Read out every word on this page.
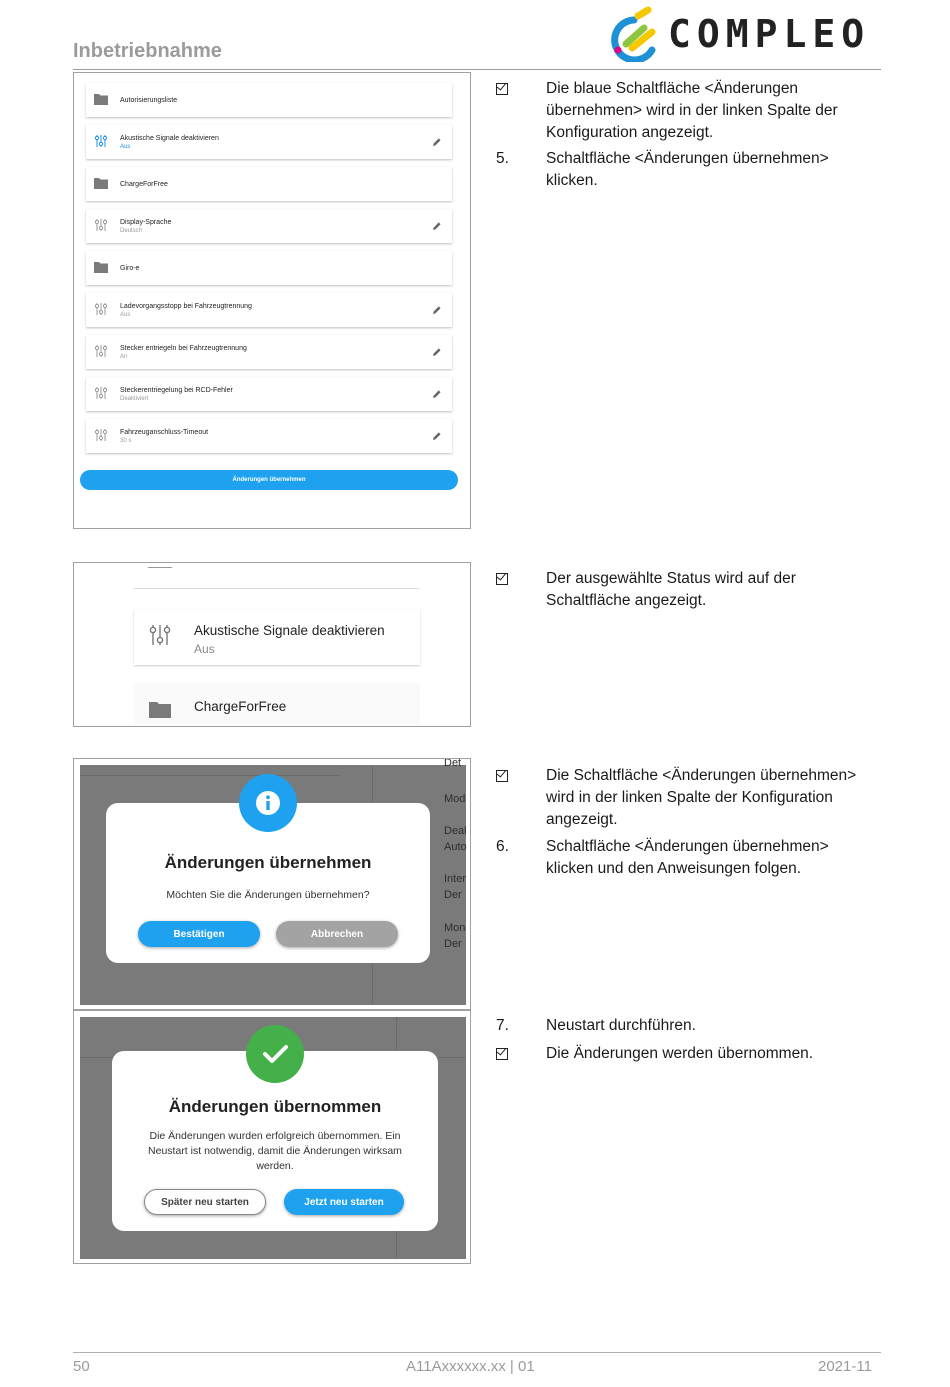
Inbetriebnahme	COMPLEO
Autorisierungsliste
Akustische Signale deaktivieren
Aus
ChargeForFree
Display-Sprache
Deutsch
Giro-e
Ladevorgangsstopp bei Fahrzeugtrennung
Aus
Stecker entriegeln bei Fahrzeugtrennung
An
Steckerentriegelung bei RCD-Fehler
Deaktiviert
Fahrzeuganschluss-Timeout
30 s
Änderungen übernehmen
Akustische Signale deaktivieren
Aus
ChargeForFree
Det
Mod
Deal
Auto
Inter
Der
Mon
Der
Änderungen übernehmen
Möchten Sie die Änderungen übernehmen?
Bestätigen	Abbrechen
Änderungen übernommen
Die Änderungen wurden erfolgreich übernommen. Ein Neustart ist notwendig, damit die Änderungen wirksam werden.
Später neu starten	Jetzt neu starten
Die blaue Schaltfläche <Änderungen übernehmen> wird in der linken Spalte der Konfiguration angezeigt.
5.	Schaltfläche <Änderungen übernehmen> klicken.
Der ausgewählte Status wird auf der Schaltfläche angezeigt.
Die Schaltfläche <Änderungen übernehmen> wird in der linken Spalte der Konfiguration angezeigt.
6.	Schaltfläche <Änderungen übernehmen> klicken und den Anweisungen folgen.
7.	Neustart durchführen.
Die Änderungen werden übernommen.
50	A11Axxxxxx.xx | 01	2021-11
